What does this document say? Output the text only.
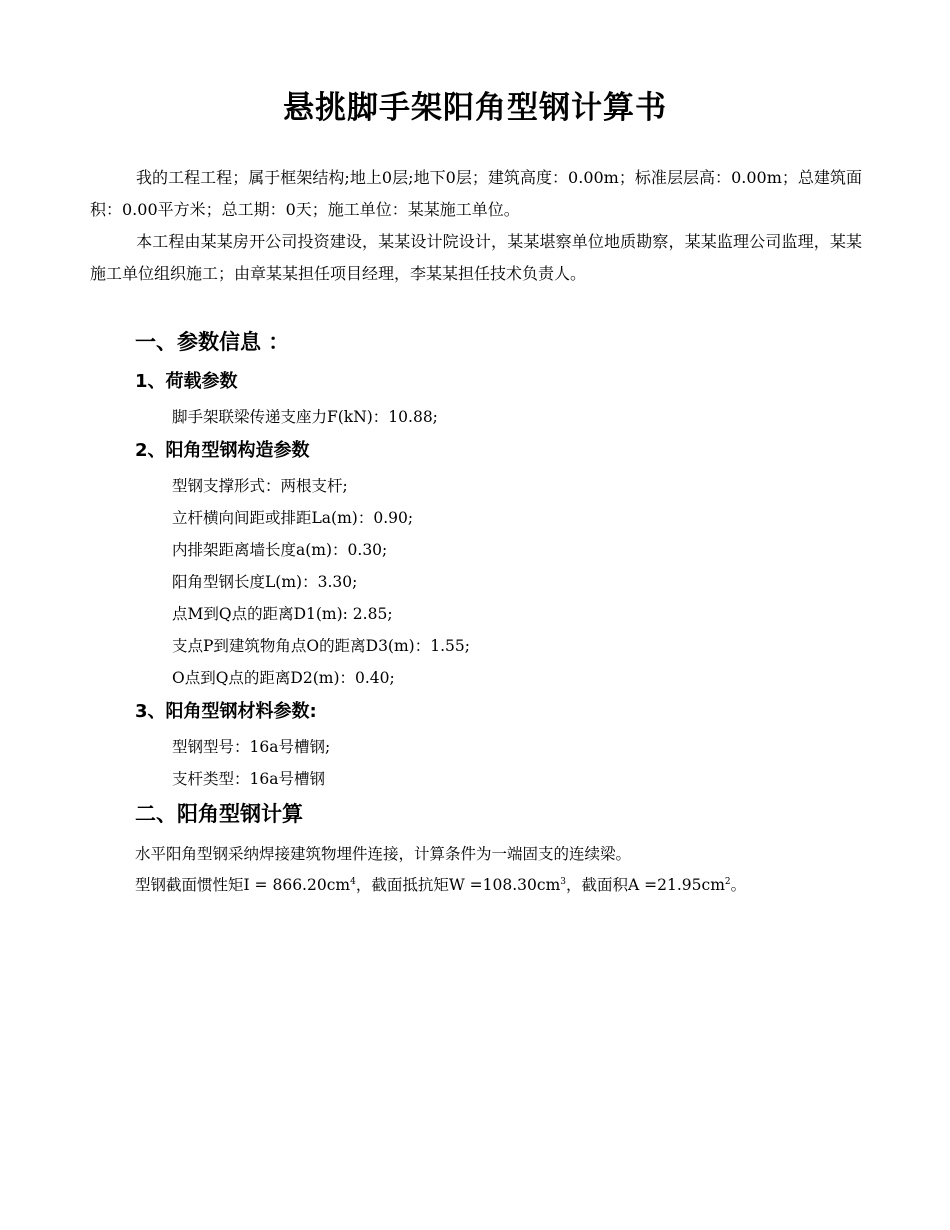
悬挑脚手架阳角型钢计算书
我的工程工程；属于框架结构;地上0层;地下0层；建筑高度：0.00m；标准层层高：0.00m；总建筑面积：0.00平方米；总工期：0天；施工单位：某某施工单位。
本工程由某某房开公司投资建设，某某设计院设计，某某堪察单位地质勘察，某某监理公司监理，某某施工单位组织施工；由章某某担任项目经理，李某某担任技术负责人。
一、参数信息 ：
1、荷载参数
脚手架联梁传递支座力F(kN)：10.88;
2、阳角型钢构造参数
型钢支撑形式：两根支杆;
立杆横向间距或排距La(m)：0.90;
内排架距离墙长度a(m)：0.30;
阳角型钢长度L(m)：3.30;
点M到Q点的距离D1(m): 2.85;
支点P到建筑物角点O的距离D3(m)：1.55;
O点到Q点的距离D2(m)：0.40;
3、阳角型钢材料参数:
型钢型号：16a号槽钢;
支杆类型：16a号槽钢
二、阳角型钢计算
水平阳角型钢采纳焊接建筑物埋件连接，计算条件为一端固支的连续梁。
型钢截面惯性矩$I = 866.20cm^4$，截面抵抗矩$W =108.30cm^3$，截面积$A =21.95cm^2$。
